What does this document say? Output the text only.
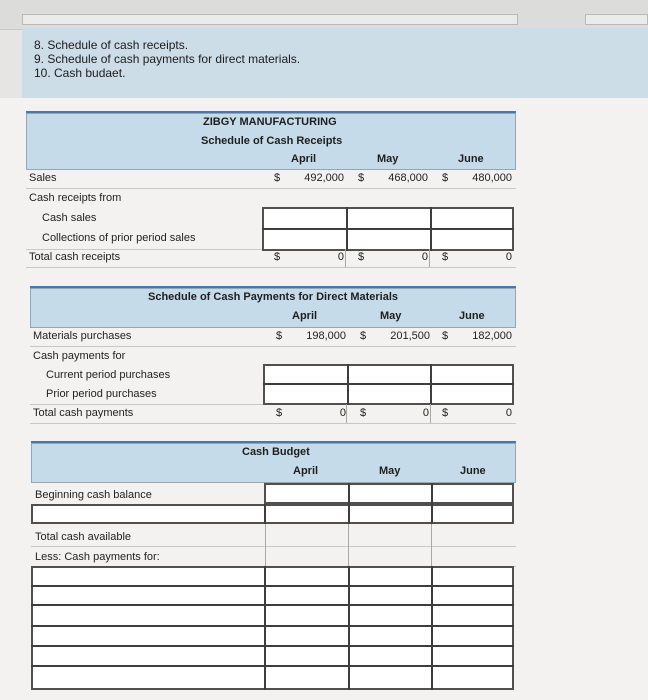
8. Schedule of cash receipts.
9. Schedule of cash payments for direct materials.
10. Cash budaet.
ZIBGY MANUFACTURING
Schedule of Cash Receipts
April	May	June
Sales	$	492,000 $	468,000 $	480,000
Cash receipts from
Cash sales
Collections of prior period sales
Total cash receipts	$	0 $	0 $	0
Schedule of Cash Payments for Direct Materials
April	May	June
Materials purchases	$	198,000 $	201,500 $	182,000
Cash payments for
Current period purchases
Prior period purchases
Total cash payments	$	0 $	0 $	0
Cash Budget
April	May	June
Beginning cash balance
Total cash available
Less: Cash payments for:
